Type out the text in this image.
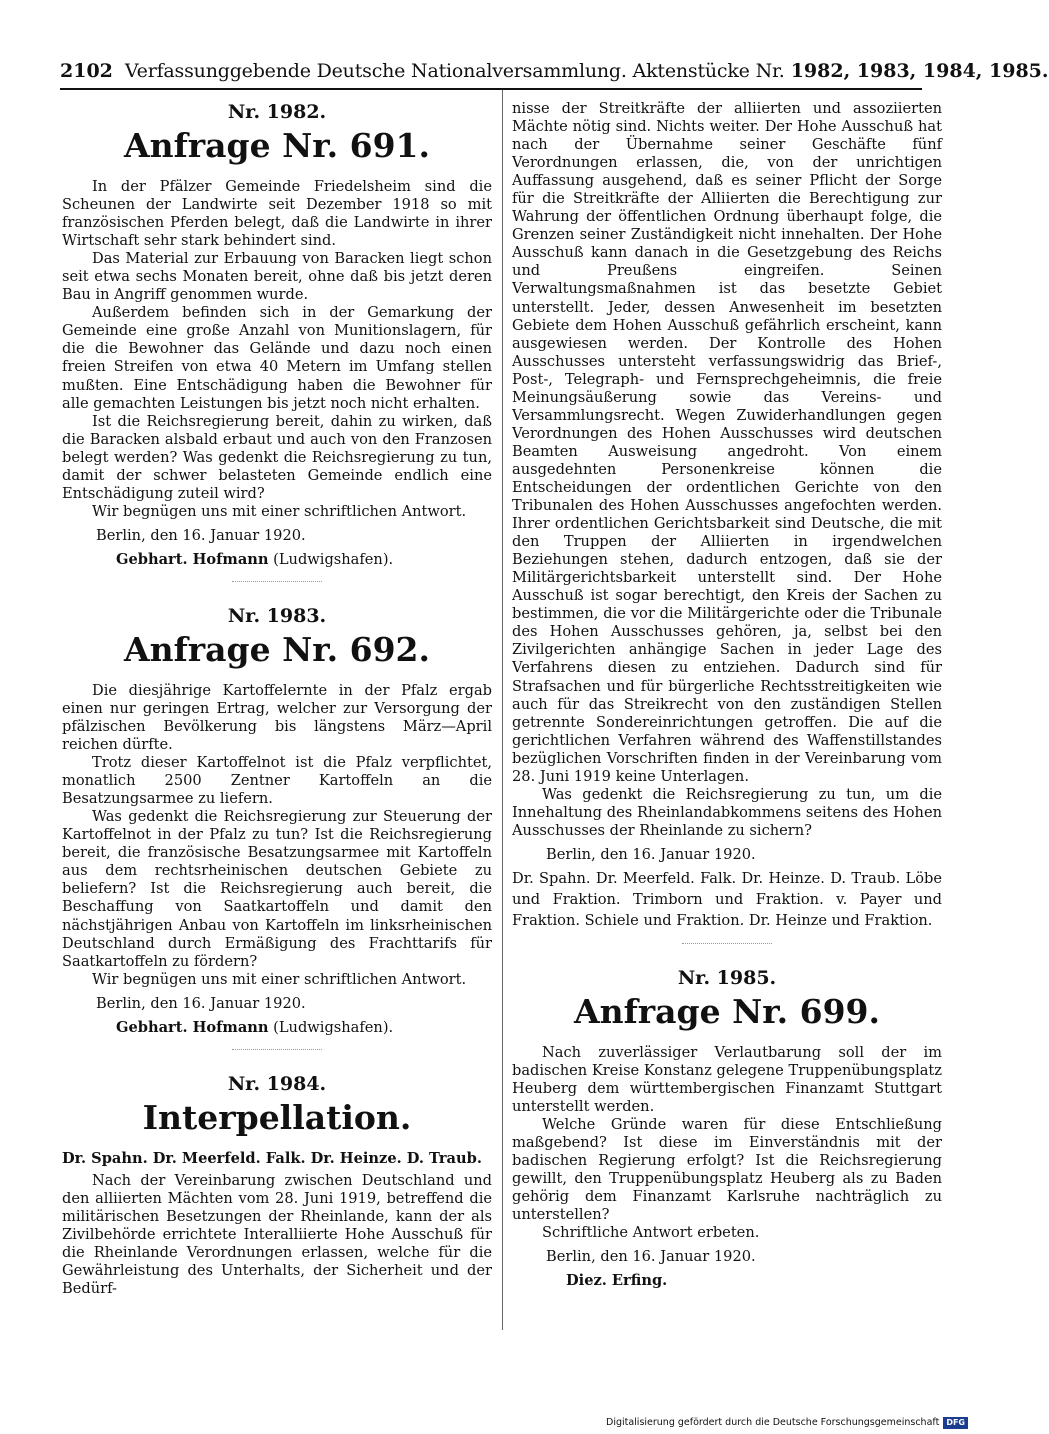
2102 Verfassunggebende Deutsche Nationalversammlung. Aktenstücke Nr. 1982, 1983, 1984, 1985.
Nr. 1982.
Anfrage Nr. 691.

In der Pfälzer Gemeinde Friedelsheim sind die Scheunen der Landwirte seit Dezember 1918 so mit französischen Pferden belegt, daß die Landwirte in ihrer Wirtschaft sehr stark behindert sind.

Das Material zur Erbauung von Baracken liegt schon seit etwa sechs Monaten bereit, ohne daß bis jetzt deren Bau in Angriff genommen wurde.

Außerdem befinden sich in der Gemarkung der Gemeinde eine große Anzahl von Munitionslagern, für die die Bewohner das Gelände und dazu noch einen freien Streifen von etwa 40 Metern im Umfang stellen mußten. Eine Entschädigung haben die Bewohner für alle gemachten Leistungen bis jetzt noch nicht erhalten.

Ist die Reichsregierung bereit, dahin zu wirken, daß die Baracken alsbald erbaut und auch von den Franzosen belegt werden? Was gedenkt die Reichsregierung zu tun, damit der schwer belasteten Gemeinde endlich eine Entschädigung zuteil wird?

Wir begnügen uns mit einer schriftlichen Antwort.

Berlin, den 16. Januar 1920.
Gebhart. Hofmann (Ludwigshafen).
Nr. 1983.
Anfrage Nr. 692.

Die diesjährige Kartoffelernte in der Pfalz ergab einen nur geringen Ertrag, welcher zur Versorgung der pfälzischen Bevölkerung bis längstens März—April reichen dürfte.

Trotz dieser Kartoffelnot ist die Pfalz verpflichtet, monatlich 2500 Zentner Kartoffeln an die Besatzungsarmee zu liefern.

Was gedenkt die Reichsregierung zur Steuerung der Kartoffelnot in der Pfalz zu tun? Ist die Reichsregierung bereit, die französische Besatzungsarmee mit Kartoffeln aus dem rechtsrheinischen deutschen Gebiete zu beliefern? Ist die Reichsregierung auch bereit, die Beschaffung von Saatkartoffeln und damit den nächstjährigen Anbau von Kartoffeln im linksrheinischen Deutschland durch Ermäßigung des Frachttarifs für Saatkartoffeln zu fördern?

Wir begnügen uns mit einer schriftlichen Antwort.

Berlin, den 16. Januar 1920.
Gebhart. Hofmann (Ludwigshafen).
Nr. 1984.
Interpellation.
Dr. Spahn. Dr. Meerfeld. Falk. Dr. Heinze. D. Traub.

Nach der Vereinbarung zwischen Deutschland und den alliierten Mächten vom 28. Juni 1919, betreffend die militärischen Besetzungen der Rheinlande, kann der als Zivilbehörde errichtete Interalliierte Hohe Ausschuß für die Rheinlande Verordnungen erlassen, welche für die Gewährleistung des Unterhalts, der Sicherheit und der Bedürf-

nisse der Streitkräfte der alliierten und assoziierten Mächte nötig sind. Nichts weiter. Der Hohe Ausschuß hat nach der Übernahme seiner Geschäfte fünf Verordnungen erlassen, die, von der unrichtigen Auffassung ausgehend, daß es seiner Pflicht der Sorge für die Streitkräfte der Alliierten die Berechtigung zur Wahrung der öffentlichen Ordnung überhaupt folge, die Grenzen seiner Zuständigkeit nicht innehalten. Der Hohe Ausschuß kann danach in die Gesetzgebung des Reichs und Preußens eingreifen. Seinen Verwaltungsmaßnahmen ist das besetzte Gebiet unterstellt. Jeder, dessen Anwesenheit im besetzten Gebiete dem Hohen Ausschuß gefährlich erscheint, kann ausgewiesen werden. Der Kontrolle des Hohen Ausschusses untersteht verfassungswidrig das Brief-, Post-, Telegraph- und Fernsprechgeheimnis, die freie Meinungsäußerung sowie das Vereins- und Versammlungsrecht. Wegen Zuwiderhandlungen gegen Verordnungen des Hohen Ausschusses wird deutschen Beamten Ausweisung angedroht. Von einem ausgedehnten Personenkreise können die Entscheidungen der ordentlichen Gerichte von den Tribunalen des Hohen Ausschusses angefochten werden. Ihrer ordentlichen Gerichtsbarkeit sind Deutsche, die mit den Truppen der Alliierten in irgendwelchen Beziehungen stehen, dadurch entzogen, daß sie der Militärgerichtsbarkeit unterstellt sind. Der Hohe Ausschuß ist sogar berechtigt, den Kreis der Sachen zu bestimmen, die vor die Militärgerichte oder die Tribunale des Hohen Ausschusses gehören, ja, selbst bei den Zivilgerichten anhängige Sachen in jeder Lage des Verfahrens diesen zu entziehen. Dadurch sind für Strafsachen und für bürgerliche Rechtsstreitigkeiten wie auch für das Streikrecht von den zuständigen Stellen getrennte Sondereinrichtungen getroffen. Die auf die gerichtlichen Verfahren während des Waffenstillstandes bezüglichen Vorschriften finden in der Vereinbarung vom 28. Juni 1919 keine Unterlagen.

Was gedenkt die Reichsregierung zu tun, um die Innehaltung des Rheinlandabkommens seitens des Hohen Ausschusses der Rheinlande zu sichern?

Berlin, den 16. Januar 1920.
Dr. Spahn. Dr. Meerfeld. Falk. Dr. Heinze. D. Traub. Löbe und Fraktion. Trimborn und Fraktion. v. Payer und Fraktion. Schiele und Fraktion. Dr. Heinze und Fraktion.
Nr. 1985.
Anfrage Nr. 699.

Nach zuverlässiger Verlautbarung soll der im badischen Kreise Konstanz gelegene Truppenübungsplatz Heuberg dem württembergischen Finanzamt Stuttgart unterstellt werden.

Welche Gründe waren für diese Entschließung maßgebend? Ist diese im Einverständnis mit der badischen Regierung erfolgt? Ist die Reichsregierung gewillt, den Truppenübungsplatz Heuberg als zu Baden gehörig dem Finanzamt Karlsruhe nachträglich zu unterstellen?

Schriftliche Antwort erbeten.

Berlin, den 16. Januar 1920.
Diez. Erfing.
Digitalisierung gefördert durch die Deutsche Forschungsgemeinschaft DFG
